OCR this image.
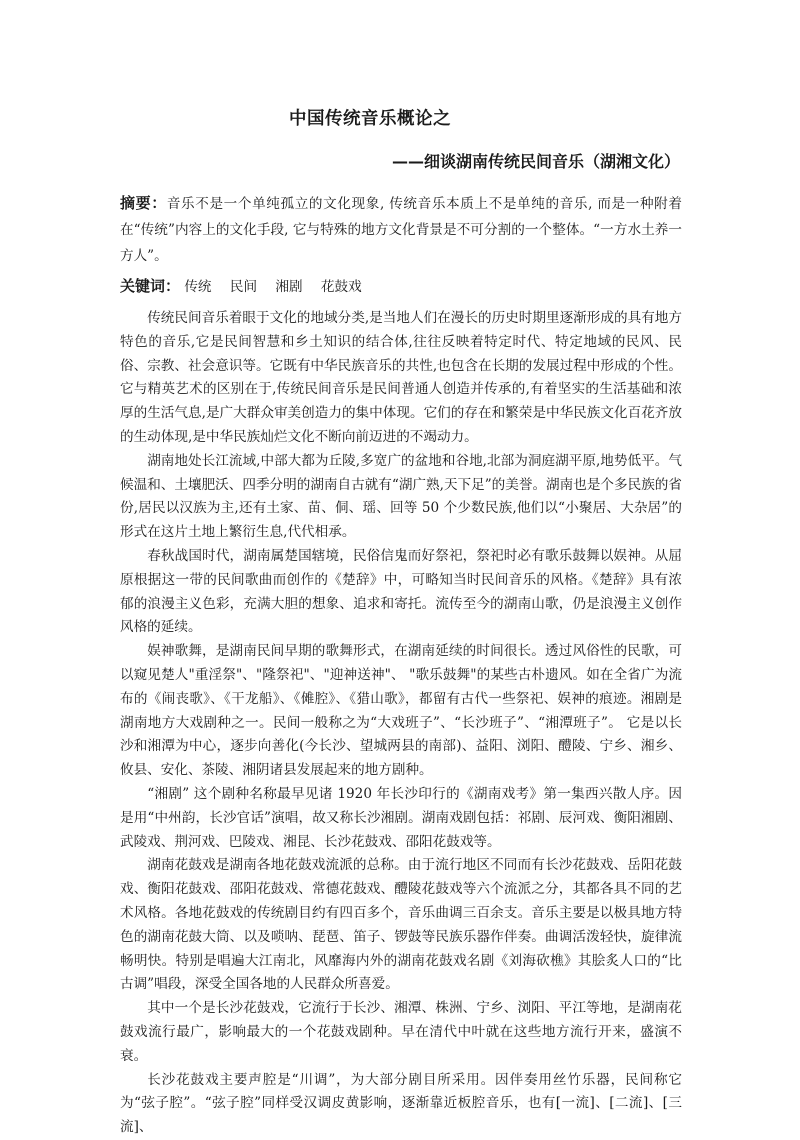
中国传统音乐概论之
——细谈湖南传统民间音乐（湖湘文化）
摘要：音乐不是一个单纯孤立的文化现象, 传统音乐本质上不是单纯的音乐, 而是一种附着在“传统”内容上的文化手段, 它与特殊的地方文化背景是不可分割的一个整体。“一方水土养一方人”。
关键词： 传统 民间 湘剧 花鼓戏

传统民间音乐着眼于文化的地域分类,是当地人们在漫长的历史时期里逐渐形成的具有地方特色的音乐,它是民间智慧和乡土知识的结合体,往往反映着特定时代、特定地域的民风、民俗、宗教、社会意识等。它既有中华民族音乐的共性,也包含在长期的发展过程中形成的个性。它与精英艺术的区别在于,传统民间音乐是民间普通人创造并传承的,有着坚实的生活基础和浓厚的生活气息,是广大群众审美创造力的集中体现。它们的存在和繁荣是中华民族文化百花齐放的生动体现,是中华民族灿烂文化不断向前迈进的不竭动力。

湖南地处长江流域,中部大都为丘陵,多宽广的盆地和谷地,北部为洞庭湖平原,地势低平。气候温和、土壤肥沃、四季分明的湖南自古就有“湖广熟,天下足”的美誉。湖南也是个多民族的省份,居民以汉族为主,还有土家、苗、侗、瑶、回等 50 个少数民族,他们以“小聚居、大杂居”的形式在这片土地上繁衍生息,代代相承。

春秋战国时代，湖南属楚国辖境，民俗信鬼而好祭祀，祭祀时必有歌乐鼓舞以娱神。从屈原根据这一带的民间歌曲而创作的《楚辞》中，可略知当时民间音乐的风格。《楚辞》具有浓郁的浪漫主义色彩，充满大胆的想象、追求和寄托。流传至今的湖南山歌，仍是浪漫主义创作风格的延续。

娱神歌舞，是湖南民间早期的歌舞形式，在湖南延续的时间很长。透过风俗性的民歌，可以窥见楚人"重淫祭"、"隆祭祀"、"迎神送神"、 "歌乐鼓舞"的某些古朴遗风。如在全省广为流布的《闹丧歌》、《干龙船》、《傩腔》、《猎山歌》，都留有古代一些祭祀、娱神的痕迹。湘剧是湖南地方大戏剧种之一。民间一般称之为“大戏班子”、“长沙班子”、“湘潭班子”。 它是以长沙和湘潭为中心，逐步向善化(今长沙、望城两县的南部)、益阳、浏阳、醴陵、宁乡、湘乡、攸县、安化、茶陵、湘阴诸县发展起来的地方剧种。

“湘剧” 这个剧种名称最早见诸 1920 年长沙印行的《湖南戏考》第一集西兴散人序。因是用“中州韵，长沙官话”演唱，故又称长沙湘剧。湖南戏剧包括：祁剧、辰河戏、衡阳湘剧、武陵戏、荆河戏、巴陵戏、湘昆、长沙花鼓戏、邵阳花鼓戏等。

湖南花鼓戏是湖南各地花鼓戏流派的总称。由于流行地区不同而有长沙花鼓戏、岳阳花鼓戏、衡阳花鼓戏、邵阳花鼓戏、常德花鼓戏、醴陵花鼓戏等六个流派之分，其都各具不同的艺术风格。各地花鼓戏的传统剧目约有四百多个，音乐曲调三百余支。音乐主要是以极具地方特色的湖南花鼓大筒、以及唢呐、琵琶、笛子、锣鼓等民族乐器作伴奏。曲调活泼轻快，旋律流畅明快。特别是唱遍大江南北，风靡海内外的湖南花鼓戏名剧《刘海砍樵》其脍炙人口的“比古调”唱段，深受全国各地的人民群众所喜爱。

其中一个是长沙花鼓戏，它流行于长沙、湘潭、株洲、宁乡、浏阳、平江等地，是湖南花鼓戏流行最广，影响最大的一个花鼓戏剧种。早在清代中叶就在这些地方流行开来，盛演不衰。

长沙花鼓戏主要声腔是“川调”，为大部分剧目所采用。因伴奏用丝竹乐器，民间称它为“弦子腔”。“弦子腔”同样受汉调皮黄影响，逐渐靠近板腔音乐，也有[一流]、[二流]、[三流]、
